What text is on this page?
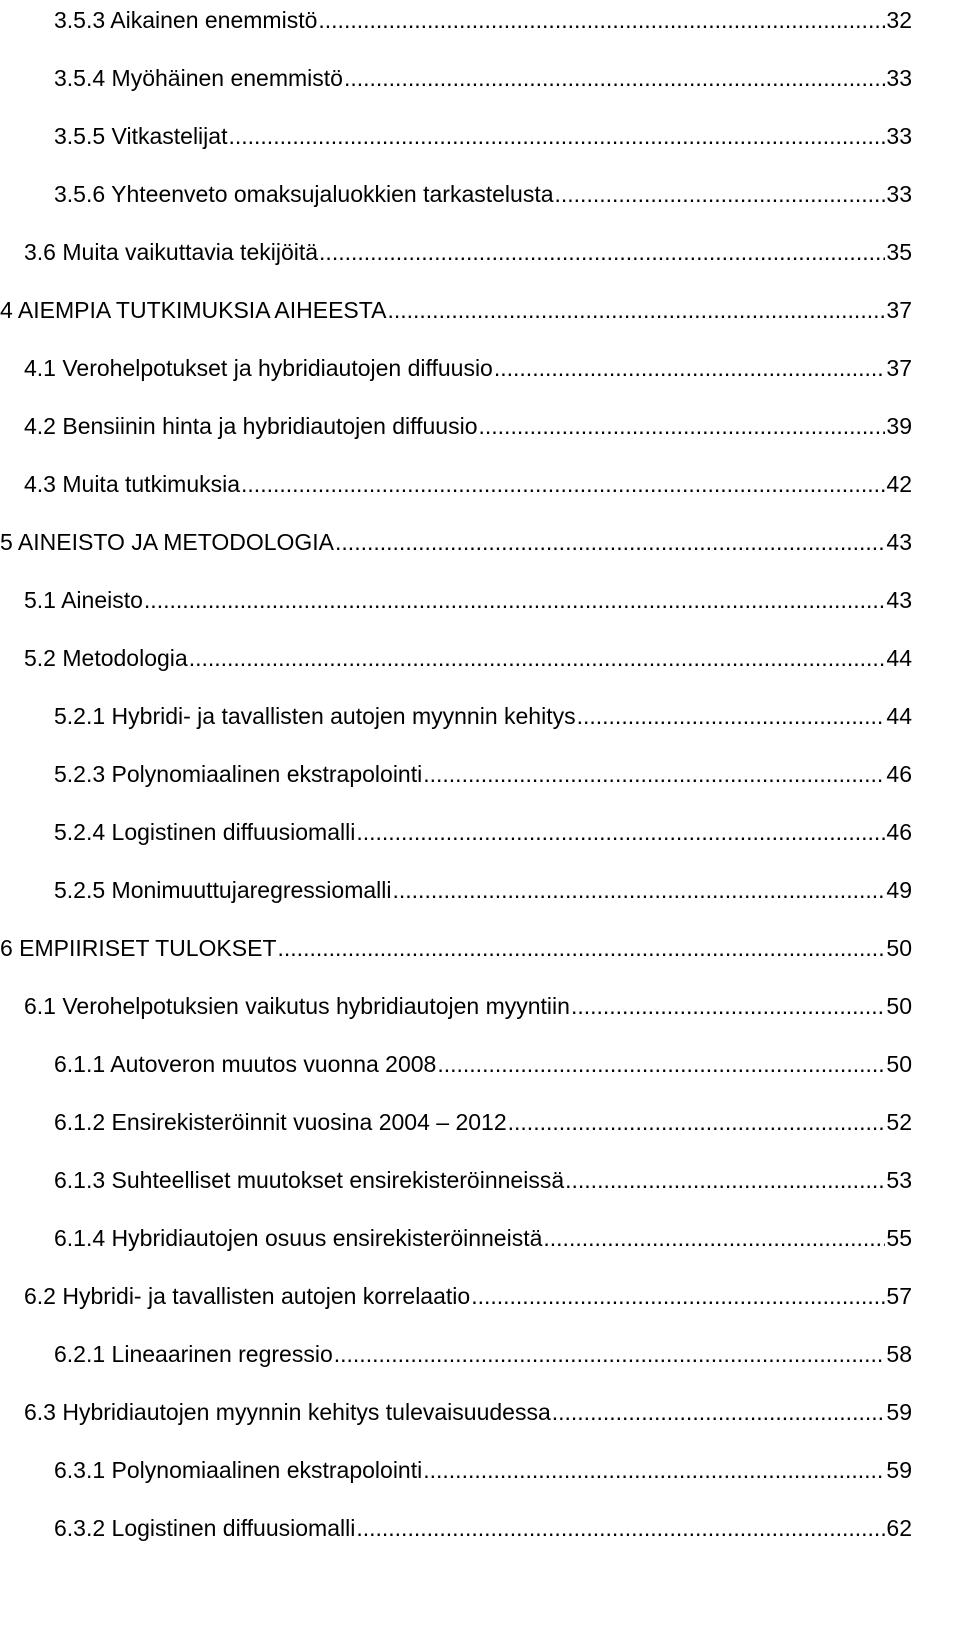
3.5.3 Aikainen enemmistö .....	32
3.5.4 Myöhäinen enemmistö .....	33
3.5.5 Vitkastelijat .....	33
3.5.6 Yhteenveto omaksujaluokkien tarkastelusta .....	33
3.6 Muita vaikuttavia tekijöitä .....	35
4 AIEMPIA TUTKIMUKSIA AIHEESTA .....	37
4.1 Verohelpotukset ja hybridiautojen diffuusio .....	37
4.2 Bensiinin hinta ja hybridiautojen diffuusio .....	39
4.3 Muita tutkimuksia .....	42
5 AINEISTO JA METODOLOGIA .....	43
5.1 Aineisto .....	43
5.2 Metodologia .....	44
5.2.1 Hybridi- ja tavallisten autojen myynnin kehitys .....	44
5.2.3 Polynomiaalinen ekstrapolointi .....	46
5.2.4 Logistinen diffuusiomalli .....	46
5.2.5 Monimuuttujaregressiomalli .....	49
6 EMPIIRISET TULOKSET .....	50
6.1 Verohelpotuksien vaikutus hybridiautojen myyntiin .....	50
6.1.1 Autoveron muutos vuonna 2008 .....	50
6.1.2 Ensirekisteröinnit vuosina 2004 – 2012 .....	52
6.1.3 Suhteelliset muutokset ensirekisteröinneissä .....	53
6.1.4 Hybridiautojen osuus ensirekisteröinneistä .....	55
6.2 Hybridi- ja tavallisten autojen korrelaatio .....	57
6.2.1 Lineaarinen regressio .....	58
6.3 Hybridiautojen myynnin kehitys tulevaisuudessa .....	59
6.3.1 Polynomiaalinen ekstrapolointi .....	59
6.3.2 Logistinen diffuusiomalli .....	62
